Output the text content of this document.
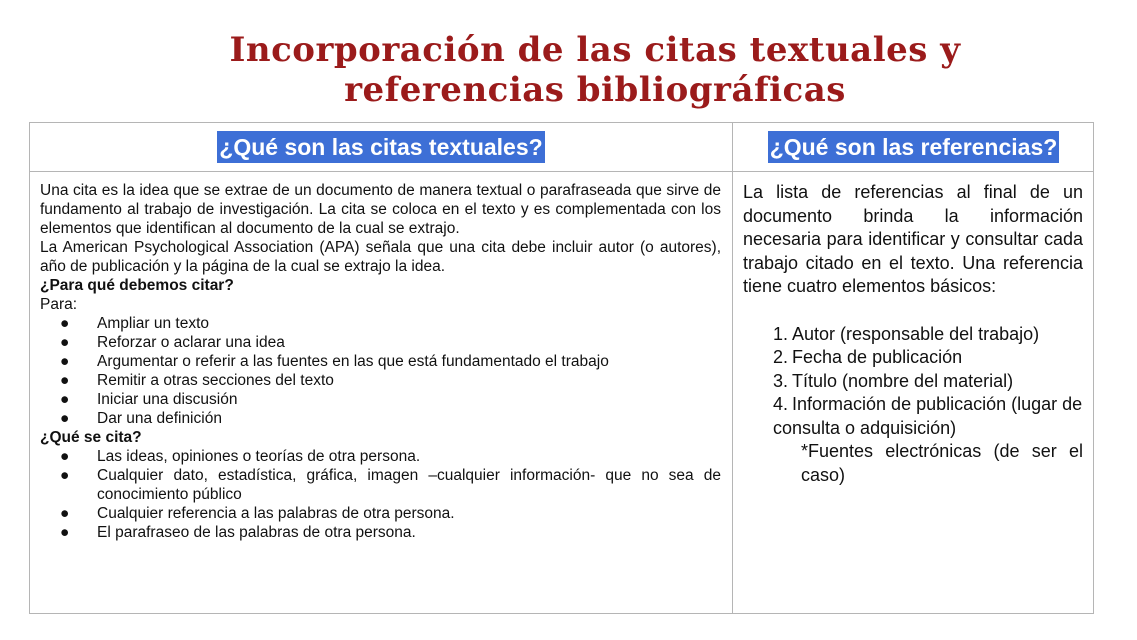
Incorporación de las citas textuales y referencias bibliográficas
¿Qué son las citas textuales?	¿Qué son las referencias?

Una cita es la idea que se extrae de un documento de manera textual o parafraseada que sirve de fundamento al trabajo de investigación. La cita se coloca en el texto y es complementada con los elementos que identifican al documento de la cual se extrajo.

La American Psychological Association (APA) señala que una cita debe incluir autor (o autores), año de publicación y la página de la cual se extrajo la idea.

¿Para qué debemos citar?

Para:

● Ampliar un texto
● Reforzar o aclarar una idea
● Argumentar o referir a las fuentes en las que está fundamentado el trabajo
● Remitir a otras secciones del texto
● Iniciar una discusión
● Dar una definición

¿Qué se cita?

● Las ideas, opiniones o teorías de otra persona.
● Cualquier dato, estadística, gráfica, imagen –cualquier información- que no sea de conocimiento público
● Cualquier referencia a las palabras de otra persona.
● El parafraseo de las palabras de otra persona.

La lista de referencias al final de un documento brinda la información necesaria para identificar y consultar cada trabajo citado en el texto. Una referencia tiene cuatro elementos básicos:

1. Autor (responsable del trabajo)
2. Fecha de publicación
3. Título (nombre del material)
4. Información de publicación (lugar de consulta o adquisición)

*Fuentes electrónicas (de ser el caso)
